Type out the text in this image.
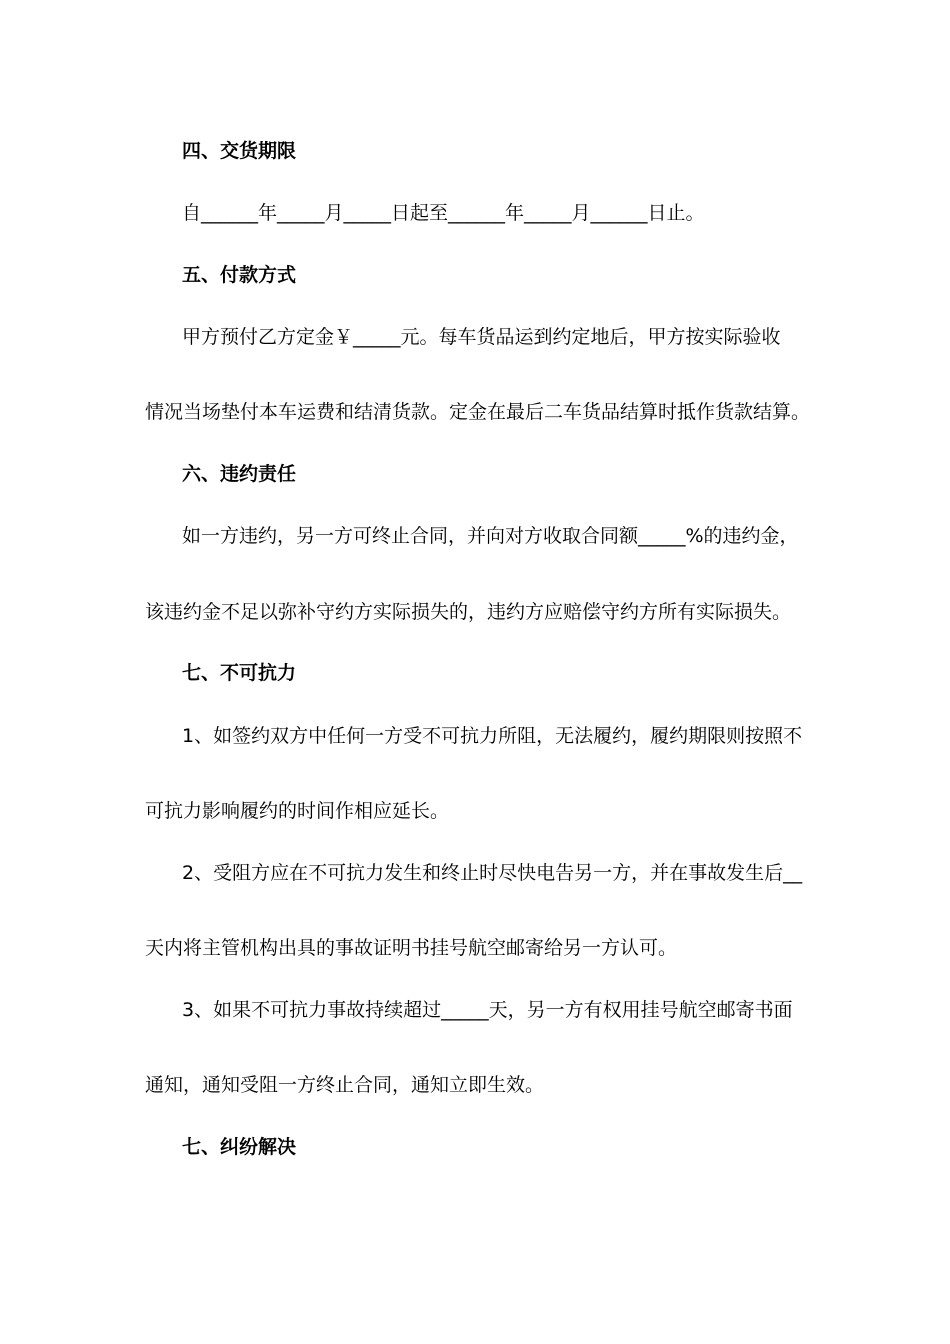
四、交货期限

自______年_____月_____日起至______年_____月______日止。

五、付款方式

甲方预付乙方定金￥_____元。每车货品运到约定地后，甲方按实际验收

情况当场垫付本车运费和结清货款。定金在最后二车货品结算时抵作货款结算。

六、违约责任

如一方违约，另一方可终止合同，并向对方收取合同额_____%的违约金，

该违约金不足以弥补守约方实际损失的，违约方应赔偿守约方所有实际损失。

七、不可抗力

1、如签约双方中任何一方受不可抗力所阻，无法履约，履约期限则按照不

可抗力影响履约的时间作相应延长。

2、受阻方应在不可抗力发生和终止时尽快电告另一方，并在事故发生后__

天内将主管机构出具的事故证明书挂号航空邮寄给另一方认可。

3、如果不可抗力事故持续超过_____天，另一方有权用挂号航空邮寄书面

通知，通知受阻一方终止合同，通知立即生效。

七、纠纷解决
